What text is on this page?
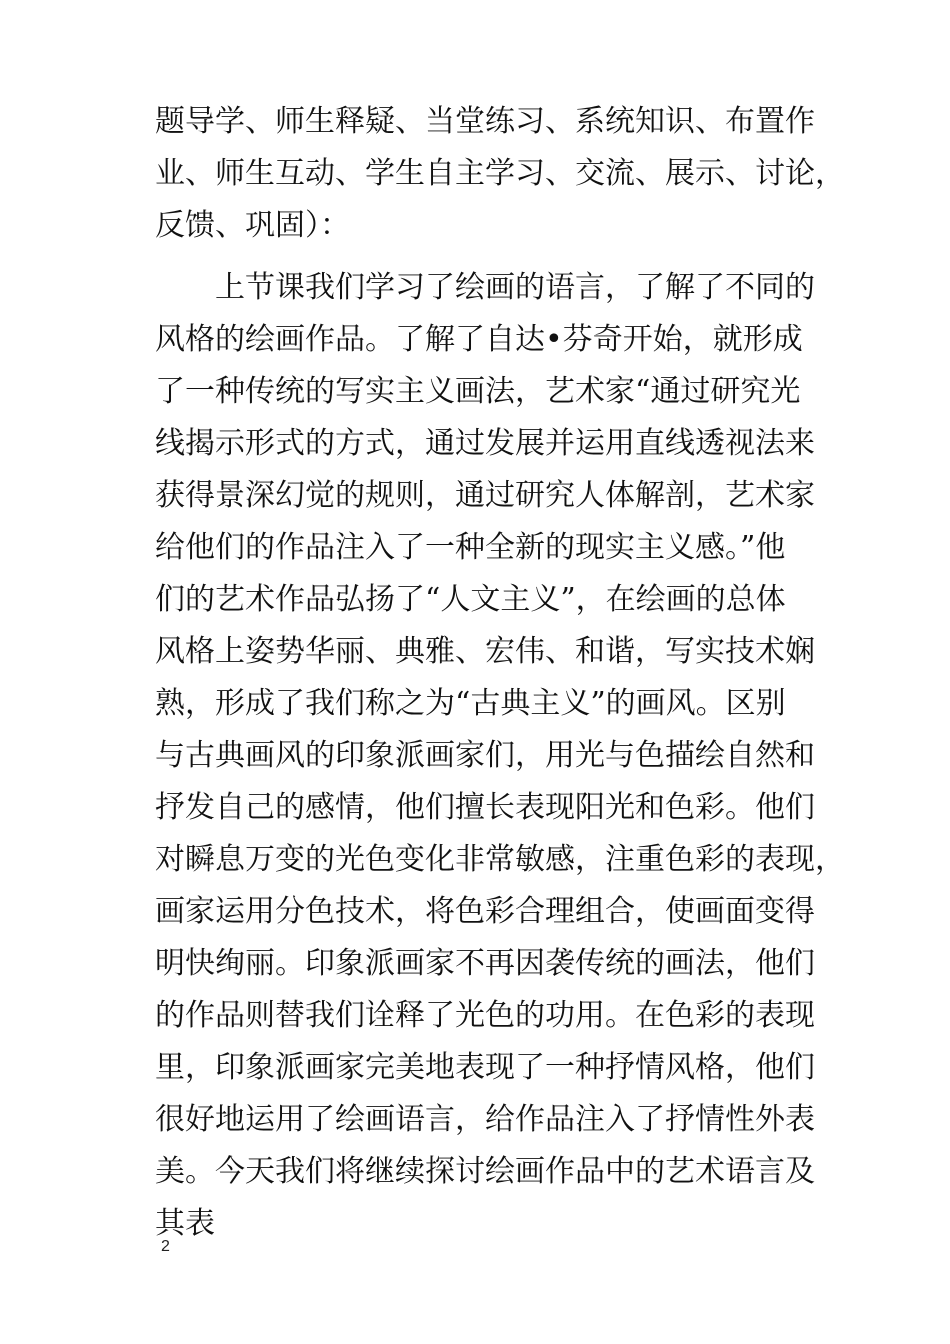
题导学、师生释疑、当堂练习、系统知识、布置作
业、师生互动、学生自主学习、交流、展示、讨论，
反馈、巩固）：
上节课我们学习了绘画的语言，了解了不同的
风格的绘画作品。了解了自达•芬奇开始，就形成
了一种传统的写实主义画法，艺术家“通过研究光
线揭示形式的方式，通过发展并运用直线透视法来
获得景深幻觉的规则，通过研究人体解剖，艺术家
给他们的作品注入了一种全新的现实主义感。”他
们的艺术作品弘扬了“人文主义”，在绘画的总体
风格上姿势华丽、典雅、宏伟、和谐，写实技术娴
熟，形成了我们称之为“古典主义”的画风。区别
与古典画风的印象派画家们，用光与色描绘自然和
抒发自己的感情，他们擅长表现阳光和色彩。他们
对瞬息万变的光色变化非常敏感，注重色彩的表现，
画家运用分色技术，将色彩合理组合，使画面变得
明快绚丽。印象派画家不再因袭传统的画法，他们
的作品则替我们诠释了光色的功用。在色彩的表现
里，印象派画家完美地表现了一种抒情风格，他们
很好地运用了绘画语言，给作品注入了抒情性外表
美。今天我们将继续探讨绘画作品中的艺术语言及
其表
2
